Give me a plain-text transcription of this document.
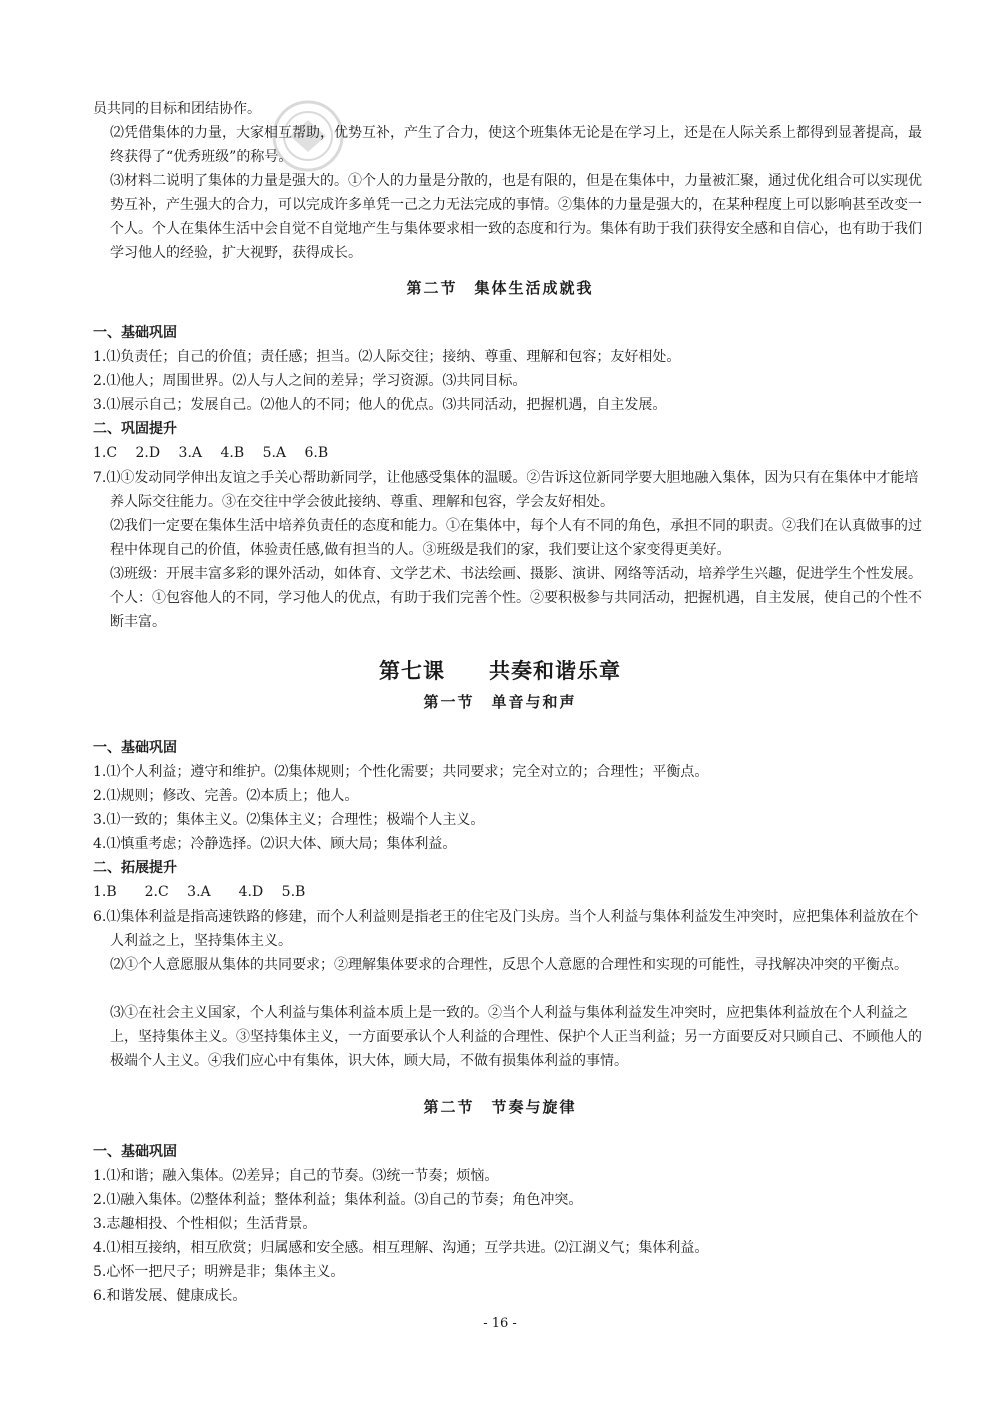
员共同的目标和团结协作。
⑵凭借集体的力量，大家相互帮助，优势互补，产生了合力，使这个班集体无论是在学习上，还是在人际关系上都得到显著提高，最终获得了“优秀班级”的称号。
⑶材料二说明了集体的力量是强大的。①个人的力量是分散的，也是有限的，但是在集体中，力量被汇聚，通过优化组合可以实现优势互补，产生强大的合力，可以完成许多单凭一己之力无法完成的事情。②集体的力量是强大的，在某种程度上可以影响甚至改变一个人。个人在集体生活中会自觉不自觉地产生与集体要求相一致的态度和行为。集体有助于我们获得安全感和自信心，也有助于我们学习他人的经验，扩大视野，获得成长。
第二节　集体生活成就我
一、基础巩固
1.⑴负责任；自己的价值；责任感；担当。⑵人际交往；接纳、尊重、理解和包容；友好相处。
2.⑴他人；周围世界。⑵人与人之间的差异；学习资源。⑶共同目标。
3.⑴展示自己；发展自己。⑵他人的不同；他人的优点。⑶共同活动，把握机遇，自主发展。
二、巩固提升
1.C　 2.D　 3.A　 4.B　 5.A　 6.B
7.⑴①发动同学伸出友谊之手关心帮助新同学，让他感受集体的温暖。②告诉这位新同学要大胆地融入集体，因为只有在集体中才能培养人际交往能力。③在交往中学会彼此接纳、尊重、理解和包容，学会友好相处。
⑵我们一定要在集体生活中培养负责任的态度和能力。①在集体中，每个人有不同的角色，承担不同的职责。②我们在认真做事的过程中体现自己的价值，体验责任感,做有担当的人。③班级是我们的家，我们要让这个家变得更美好。
⑶班级：开展丰富多彩的课外活动，如体育、文学艺术、书法绘画、摄影、演讲、网络等活动，培养学生兴趣，促进学生个性发展。个人：①包容他人的不同，学习他人的优点，有助于我们完善个性。②要积极参与共同活动，把握机遇，自主发展，使自己的个性不断丰富。
第七课　　共奏和谐乐章
第一节　单音与和声
一、基础巩固
1.⑴个人利益；遵守和维护。⑵集体规则；个性化需要；共同要求；完全对立的；合理性；平衡点。
2.⑴规则；修改、完善。⑵本质上；他人。
3.⑴一致的；集体主义。⑵集体主义；合理性；极端个人主义。
4.⑴慎重考虑；冷静选择。⑵识大体、顾大局；集体利益。
二、拓展提升
1.B　　2.C　 3.A　　4.D　 5.B
6.⑴集体利益是指高速铁路的修建，而个人利益则是指老王的住宅及门头房。当个人利益与集体利益发生冲突时，应把集体利益放在个人利益之上，坚持集体主义。
⑵①个人意愿服从集体的共同要求；②理解集体要求的合理性，反思个人意愿的合理性和实现的可能性，寻找解决冲突的平衡点。
⑶①在社会主义国家，个人利益与集体利益本质上是一致的。②当个人利益与集体利益发生冲突时，应把集体利益放在个人利益之上，坚持集体主义。③坚持集体主义，一方面要承认个人利益的合理性、保护个人正当利益；另一方面要反对只顾自己、不顾他人的极端个人主义。④我们应心中有集体，识大体，顾大局，不做有损集体利益的事情。
第二节　节奏与旋律
一、基础巩固
1.⑴和谐；融入集体。⑵差异；自己的节奏。⑶统一节奏；烦恼。
2.⑴融入集体。⑵整体利益；整体利益；集体利益。⑶自己的节奏；角色冲突。
3.志趣相投、个性相似；生活背景。
4.⑴相互接纳，相互欣赏；归属感和安全感。相互理解、沟通；互学共进。⑵江湖义气；集体利益。
5.心怀一把尺子；明辨是非；集体主义。
6.和谐发展、健康成长。
- 16 -
